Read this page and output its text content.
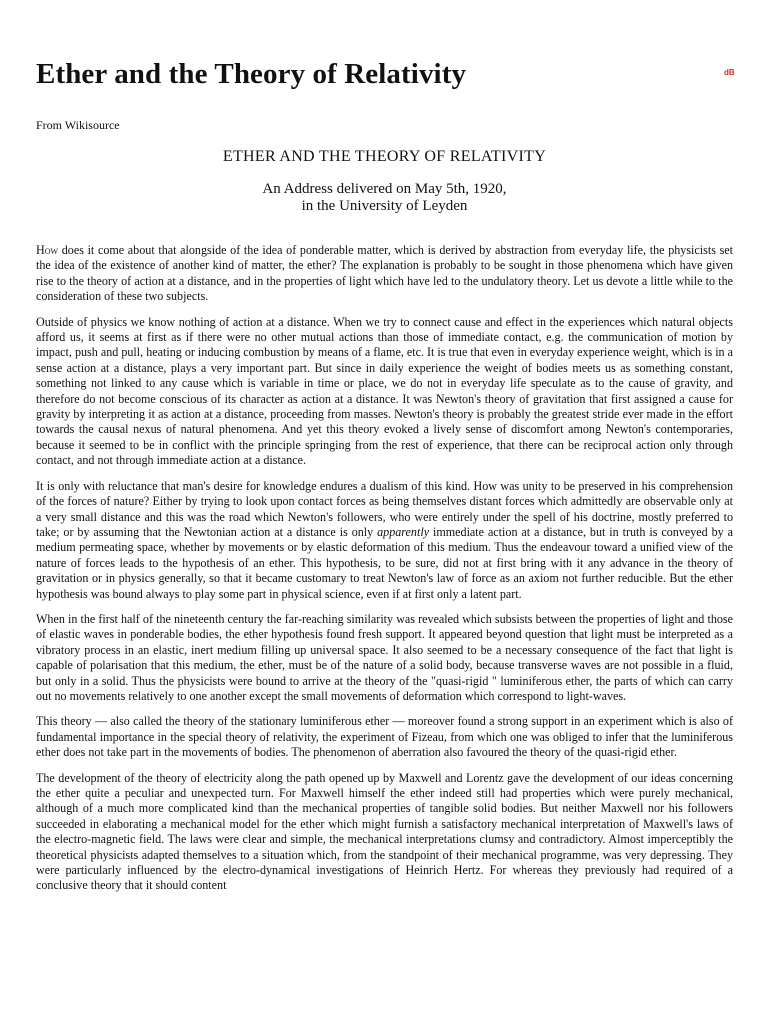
Ether and the Theory of Relativity	dB
From Wikisource
ETHER AND THE THEORY OF RELATIVITY
An Address delivered on May 5th, 1920,
in the University of Leyden

How does it come about that alongside of the idea of ponderable matter, which is derived by abstraction from everyday life, the physicists set the idea of the existence of another kind of matter, the ether? The explanation is probably to be sought in those phenomena which have given rise to the theory of action at a distance, and in the properties of light which have led to the undulatory theory. Let us devote a little while to the consideration of these two subjects.

Outside of physics we know nothing of action at a distance. When we try to connect cause and effect in the experiences which natural objects afford us, it seems at first as if there were no other mutual actions than those of immediate contact, e.g. the communication of motion by impact, push and pull, heating or inducing combustion by means of a flame, etc. It is true that even in everyday experience weight, which is in a sense action at a distance, plays a very important part. But since in daily experience the weight of bodies meets us as something constant, something not linked to any cause which is variable in time or place, we do not in everyday life speculate as to the cause of gravity, and therefore do not become conscious of its character as action at a distance. It was Newton's theory of gravitation that first assigned a cause for gravity by interpreting it as action at a distance, proceeding from masses. Newton's theory is probably the greatest stride ever made in the effort towards the causal nexus of natural phenomena. And yet this theory evoked a lively sense of discomfort among Newton's contemporaries, because it seemed to be in conflict with the principle springing from the rest of experience, that there can be reciprocal action only through contact, and not through immediate action at a distance.

It is only with reluctance that man's desire for knowledge endures a dualism of this kind. How was unity to be preserved in his comprehension of the forces of nature? Either by trying to look upon contact forces as being themselves distant forces which admittedly are observable only at a very small distance and this was the road which Newton's followers, who were entirely under the spell of his doctrine, mostly preferred to take; or by assuming that the Newtonian action at a distance is only apparently immediate action at a distance, but in truth is conveyed by a medium permeating space, whether by movements or by elastic deformation of this medium. Thus the endeavour toward a unified view of the nature of forces leads to the hypothesis of an ether. This hypothesis, to be sure, did not at first bring with it any advance in the theory of gravitation or in physics generally, so that it became customary to treat Newton's law of force as an axiom not further reducible. But the ether hypothesis was bound always to play some part in physical science, even if at first only a latent part.

When in the first half of the nineteenth century the far-reaching similarity was revealed which subsists between the properties of light and those of elastic waves in ponderable bodies, the ether hypothesis found fresh support. It appeared beyond question that light must be interpreted as a vibratory process in an elastic, inert medium filling up universal space. It also seemed to be a necessary consequence of the fact that light is capable of polarisation that this medium, the ether, must be of the nature of a solid body, because transverse waves are not possible in a fluid, but only in a solid. Thus the physicists were bound to arrive at the theory of the "quasi-rigid " luminiferous ether, the parts of which can carry out no movements relatively to one another except the small movements of deformation which correspond to light-waves.

This theory — also called the theory of the stationary luminiferous ether — moreover found a strong support in an experiment which is also of fundamental importance in the special theory of relativity, the experiment of Fizeau, from which one was obliged to infer that the luminiferous ether does not take part in the movements of bodies. The phenomenon of aberration also favoured the theory of the quasi-rigid ether.

The development of the theory of electricity along the path opened up by Maxwell and Lorentz gave the development of our ideas concerning the ether quite a peculiar and unexpected turn. For Maxwell himself the ether indeed still had properties which were purely mechanical, although of a much more complicated kind than the mechanical properties of tangible solid bodies. But neither Maxwell nor his followers succeeded in elaborating a mechanical model for the ether which might furnish a satisfactory mechanical interpretation of Maxwell's laws of the electro-magnetic field. The laws were clear and simple, the mechanical interpretations clumsy and contradictory. Almost imperceptibly the theoretical physicists adapted themselves to a situation which, from the standpoint of their mechanical programme, was very depressing. They were particularly influenced by the electro-dynamical investigations of Heinrich Hertz. For whereas they previously had required of a conclusive theory that it should content
